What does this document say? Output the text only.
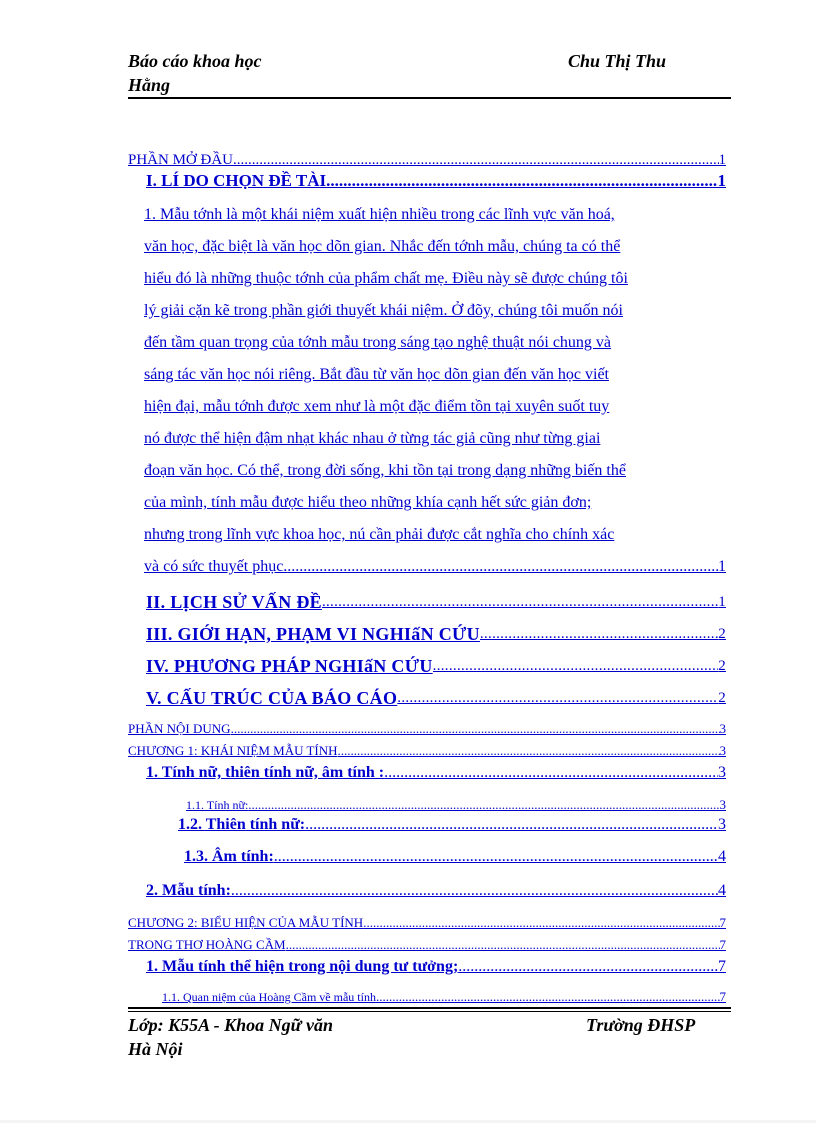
Báo cáo khoa học	Chu Thị Thu
Hằng
PHẦN MỞ ĐẦU .....	1
I. LÍ DO CHỌN ĐỀ TÀI .....	1
1. Mẫu tớnh là một khái niệm xuất hiện nhiều trong các lĩnh vực văn hoá,
văn học, đặc biệt là văn học dõn gian. Nhắc đến tớnh mẫu, chúng ta có thể
hiểu đó là những thuộc tớnh của phẩm chất mẹ. Điều này sẽ được chúng tôi
lý giải cặn kẽ trong phần giới thuyết khái niệm. Ở đõy, chúng tôi muốn nói
đến tầm quan trọng của tớnh mẫu trong sáng tạo nghệ thuật nói chung và
sáng tác văn học nói riêng. Bắt đầu từ văn học dõn gian đến văn học viết
hiện đại, mẫu tớnh được xem như là một đặc điểm tồn tại xuyên suốt tuy
nó được thể hiện đậm nhạt khác nhau ở từng tác giả cũng như từng giai
đoạn văn học. Có thể, trong đời sống, khi tồn tại trong dạng những biến thể
của mình, tính mẫu được hiểu theo những khía cạnh hết sức giản đơn;
nhưng trong lĩnh vực khoa học, nú cần phải được cắt nghĩa cho chính xác
và có sức thuyết phục. .....	1
II. LỊCH SỬ VẤN ĐỀ .....	1
III. GIỚI HẠN, PHẠM VI NGHIấN CỨU .....	2
IV. PHƯƠNG PHÁP NGHIấN CỨU .....	2
V. CẤU TRÚC CỦA BÁO CÁO .....	2
PHẦN NỘI DUNG .....	3
CHƯƠNG 1: KHÁI NIỆM MẪU TÍNH .....	3
1. Tính nữ, thiên tính nữ, âm tính : .....	3
1.1. Tính nữ: .....	3
1.2. Thiên tính nữ: .....	3
1.3. Âm tính: .....	4
2. Mẫu tính: .....	4
CHƯƠNG 2: BIỂU HIỆN CỦA MẪU TÍNH .....	7
TRONG THƠ HOÀNG CẦM .....	7
1. Mẫu tính thể hiện trong nội dung tư tưởng; .....	7
1.1. Quan niệm của Hoàng Cầm về mẫu tính .....	7
Lớp: K55A - Khoa Ngữ văn	Trường ĐHSP
Hà Nội
